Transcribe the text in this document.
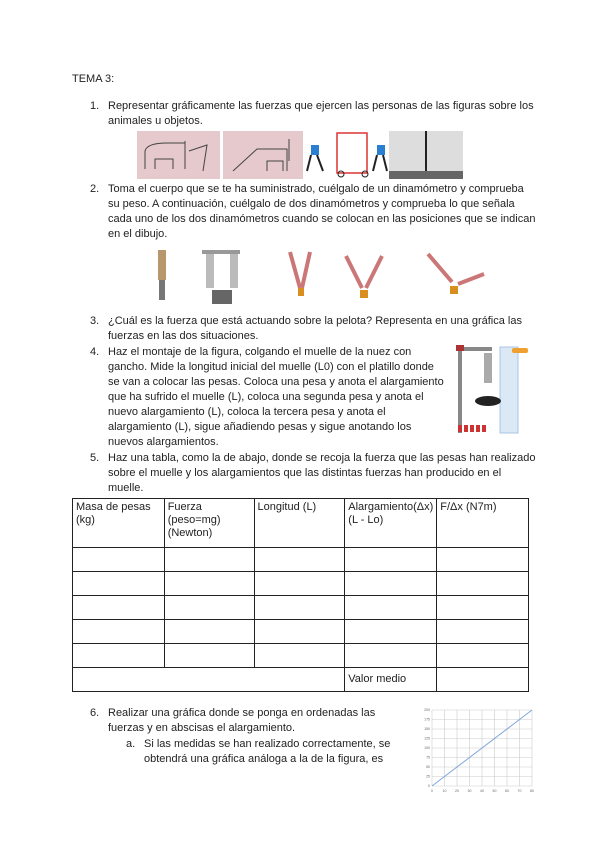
TEMA 3:
1. Representar gráficamente las fuerzas que ejercen las personas de las figuras sobre los animales u objetos.
2. Toma el cuerpo que se te ha suministrado, cuélgalo de un dinamómetro y comprueba su peso. A continuación, cuélgalo de dos dinamómetros y comprueba lo que señala cada uno de los dos dinamómetros cuando se colocan en las posiciones que se indican en el dibujo.
3. ¿Cuál es la fuerza que está actuando sobre la pelota? Representa en una gráfica las fuerzas en las dos situaciones.
4. Haz el montaje de la figura, colgando el muelle de la nuez con gancho. Mide la longitud inicial del muelle (L0) con el platillo donde se van a colocar las pesas. Coloca una pesa y anota el alargamiento que ha sufrido el muelle (L), coloca una segunda pesa y anota el nuevo alargamiento (L), coloca la tercera pesa y anota el alargamiento (L), sigue añadiendo pesas y sigue anotando los nuevos alargamientos.
5. Haz una tabla, como la de abajo, donde se recoja la fuerza que las pesas han realizado sobre el muelle y los alargamientos que las distintas fuerzas han producido en el muelle.
Masa de pesas (kg)	Fuerza (peso=mg)(Newton)	Longitud (L)	Alargamiento(Δx) (L - Lo)	F/Δx (N7m)

			Valor medio	
0	10 20 30 40 50 60 70 80
0
25
50
75
100
125
150
175
200
6. Realizar una gráfica donde se ponga en ordenadas las fuerzas y en abscisas el alargamiento.
a. Si las medidas se han realizado correctamente, se obtendrá una gráfica análoga a la de la figura, es
